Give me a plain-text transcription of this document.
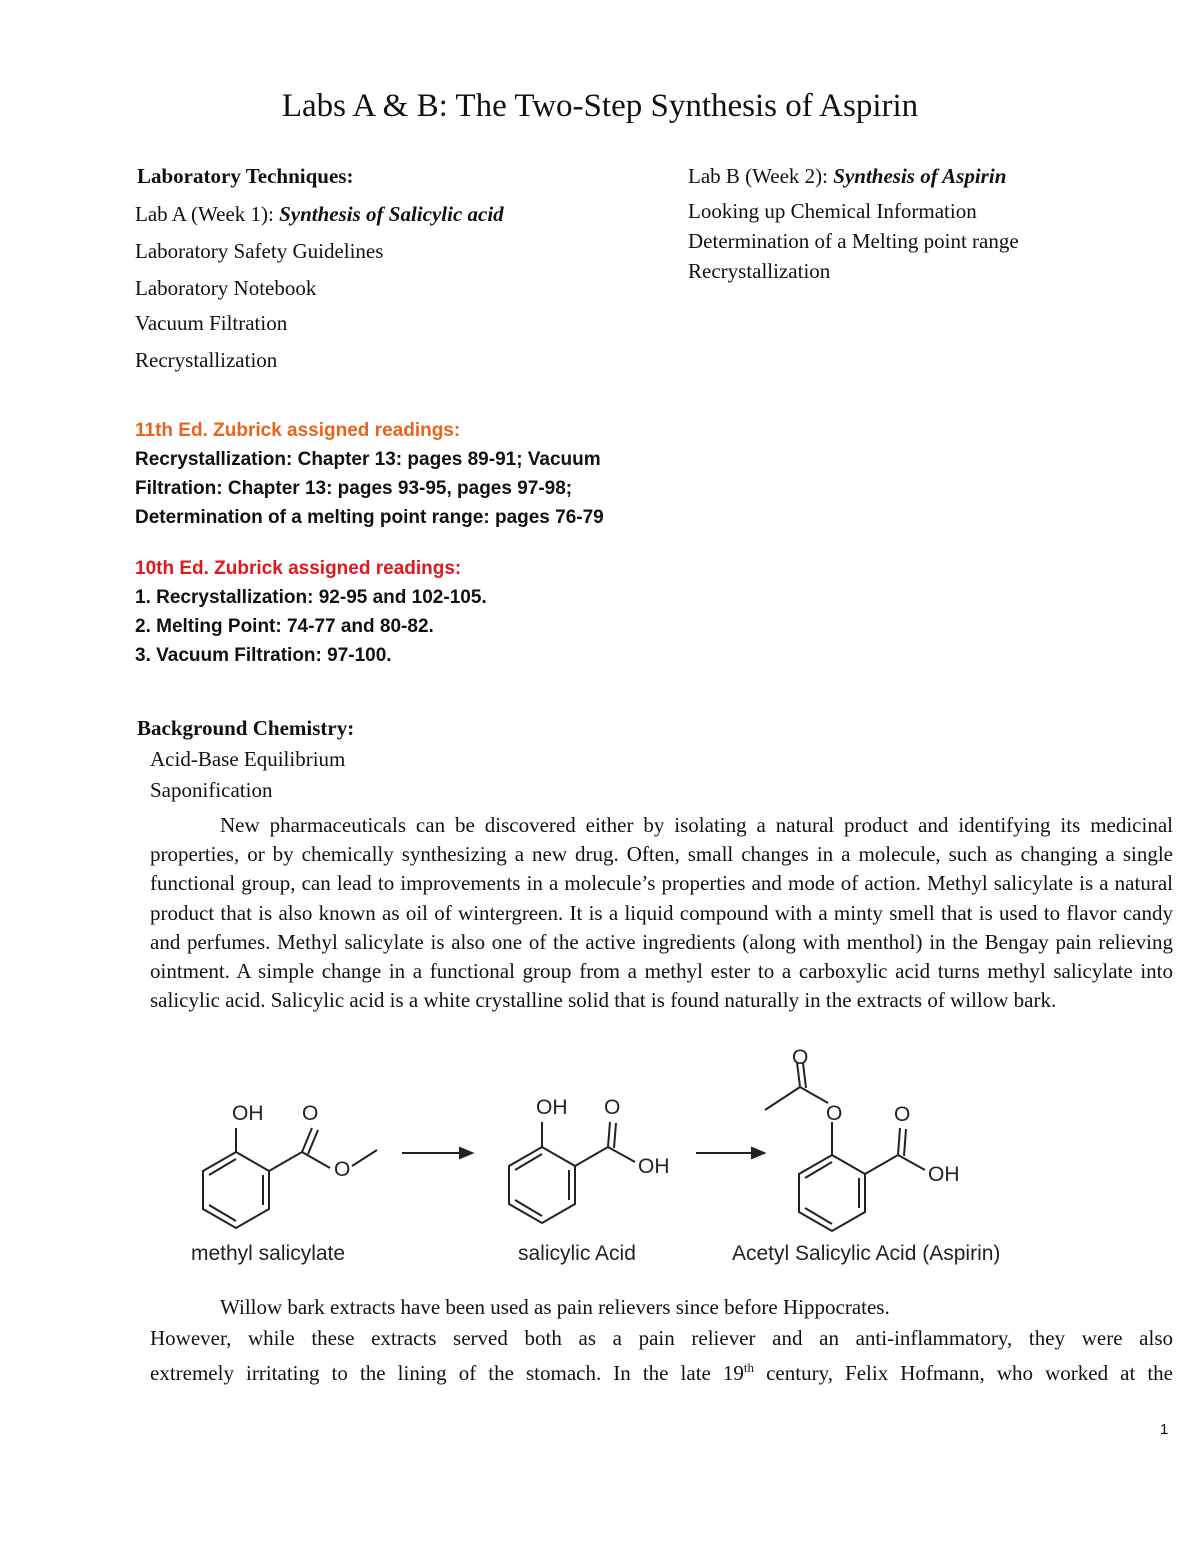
Labs A & B: The Two-Step Synthesis of Aspirin
Laboratory Techniques:
Lab A (Week 1): Synthesis of Salicylic acid
Laboratory Safety Guidelines
Laboratory Notebook
Vacuum Filtration
Recrystallization
Lab B (Week 2): Synthesis of Aspirin
Looking up Chemical Information
Determination of a Melting point range
Recrystallization
11th Ed. Zubrick assigned readings:
Recrystallization: Chapter 13: pages 89-91; Vacuum
Filtration: Chapter 13: pages 93-95, pages 97-98;
Determination of a melting point range: pages 76-79
10th Ed. Zubrick assigned readings:
1. Recrystallization: 92-95 and 102-105.
2. Melting Point: 74-77 and 80-82.
3. Vacuum Filtration: 97-100.
Background Chemistry:
Acid-Base Equilibrium
Saponification

New pharmaceuticals can be discovered either by isolating a natural product and identifying its medicinal properties, or by chemically synthesizing a new drug. Often, small changes in a molecule, such as changing a single functional group, can lead to improvements in a molecule’s properties and mode of action. Methyl salicylate is a natural product that is also known as oil of wintergreen. It is a liquid compound with a minty smell that is used to flavor candy and perfumes. Methyl salicylate is also one of the active ingredients (along with menthol) in the Bengay pain relieving ointment. A simple change in a functional group from a methyl ester to a carboxylic acid turns methyl salicylate into salicylic acid. Salicylic acid is a white crystalline solid that is found naturally in the extracts of willow bark.

OH O
O
OH O
OH
O
O O
OH
methyl salicylate	salicylic Acid	Acetyl Salicylic Acid (Aspirin)
Willow bark extracts have been used as pain relievers since before Hippocrates.

However, while these extracts served both as a pain reliever and an anti-inflammatory, they were also

extremely irritating to the lining of the stomach. In the late 19th century, Felix Hofmann, who worked at the

1
